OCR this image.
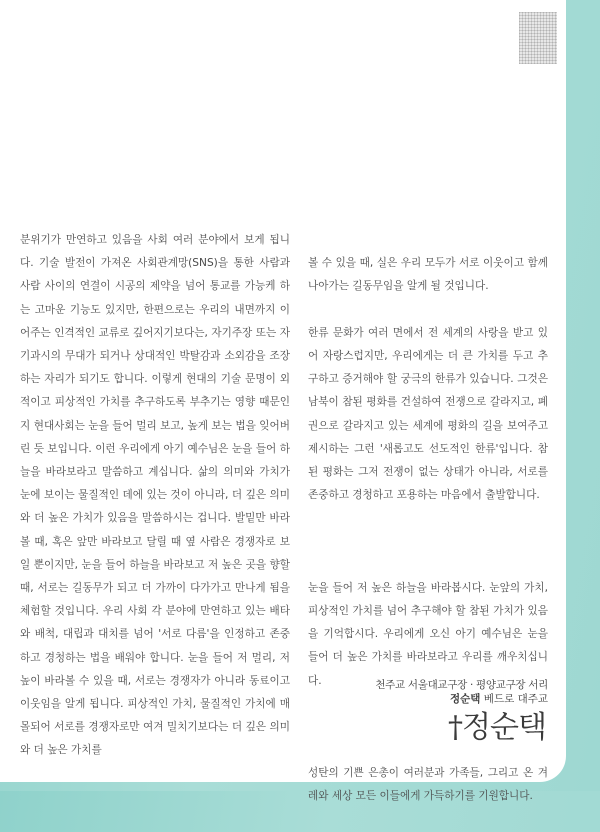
분위기가 만연하고 있음을 사회 여러 분야에서 보게 됩니다. 기술 발전이 가져온 사회관계망(SNS)을 통한 사람과 사람 사이의 연결이 시공의 제약을 넘어 통교를 가능케 하는 고마운 기능도 있지만, 한편으로는 우리의 내면까지 이어주는 인격적인 교류로 깊어지기보다는, 자기주장 또는 자기과시의 무대가 되거나 상대적인 박탈감과 소외감을 조장하는 자리가 되기도 합니다. 이렇게 현대의 기술 문명이 외적이고 피상적인 가치를 추구하도록 부추기는 영향 때문인지 현대사회는 눈을 들어 멀리 보고, 높게 보는 법을 잊어버린 듯 보입니다. 이런 우리에게 아기 예수님은 눈을 들어 하늘을 바라보라고 말씀하고 계십니다. 삶의 의미와 가치가 눈에 보이는 물질적인 데에 있는 것이 아니라, 더 깊은 의미와 더 높은 가치가 있음을 말씀하시는 겁니다. 발밑만 바라볼 때, 혹은 앞만 바라보고 달릴 때 옆 사람은 경쟁자로 보일 뿐이지만, 눈을 들어 하늘을 바라보고 저 높은 곳을 향할 때, 서로는 길동무가 되고 더 가까이 다가가고 만나게 됨을 체험할 것입니다. 우리 사회 각 분야에 만연하고 있는 배타와 배척, 대립과 대치를 넘어 '서로 다름'을 인정하고 존중하고 경청하는 법을 배워야 합니다. 눈을 들어 저 멀리, 저 높이 바라볼 수 있을 때, 서로는 경쟁자가 아니라 동료이고 이웃임을 알게 됩니다. 피상적인 가치, 물질적인 가치에 매몰되어 서로를 경쟁자로만 여겨 밀치기보다는 더 깊은 의미와 더 높은 가치를

볼 수 있을 때, 실은 우리 모두가 서로 이웃이고 함께 나아가는 길동무임을 알게 될 것입니다.

한류 문화가 여러 면에서 전 세계의 사랑을 받고 있어 자랑스럽지만, 우리에게는 더 큰 가치를 두고 추구하고 증거해야 할 궁극의 한류가 있습니다. 그것은 남북이 참된 평화를 건설하여 전쟁으로 갈라지고, 폐권으로 갈라지고 있는 세계에 평화의 길을 보여주고 제시하는 그런 '새롭고도 선도적인 한류'입니다. 참된 평화는 그저 전쟁이 없는 상태가 아니라, 서로를 존중하고 경청하고 포용하는 마음에서 출발합니다.

눈을 들어 저 높은 하늘을 바라봅시다. 눈앞의 가치, 피상적인 가치를 넘어 추구해야 할 참된 가치가 있음을 기억합시다. 우리에게 오신 아기 예수님은 눈을 들어 더 높은 가치를 바라보라고 우리를 깨우치십니다.

성탄의 기쁜 은총이 여러분과 가족들, 그리고 온 겨레와 세상 모든 이들에게 가득하기를 기원합니다.

천주교 서울대교구장 · 평양교구장 서리
정순택 베드로 대주교
†정순택
